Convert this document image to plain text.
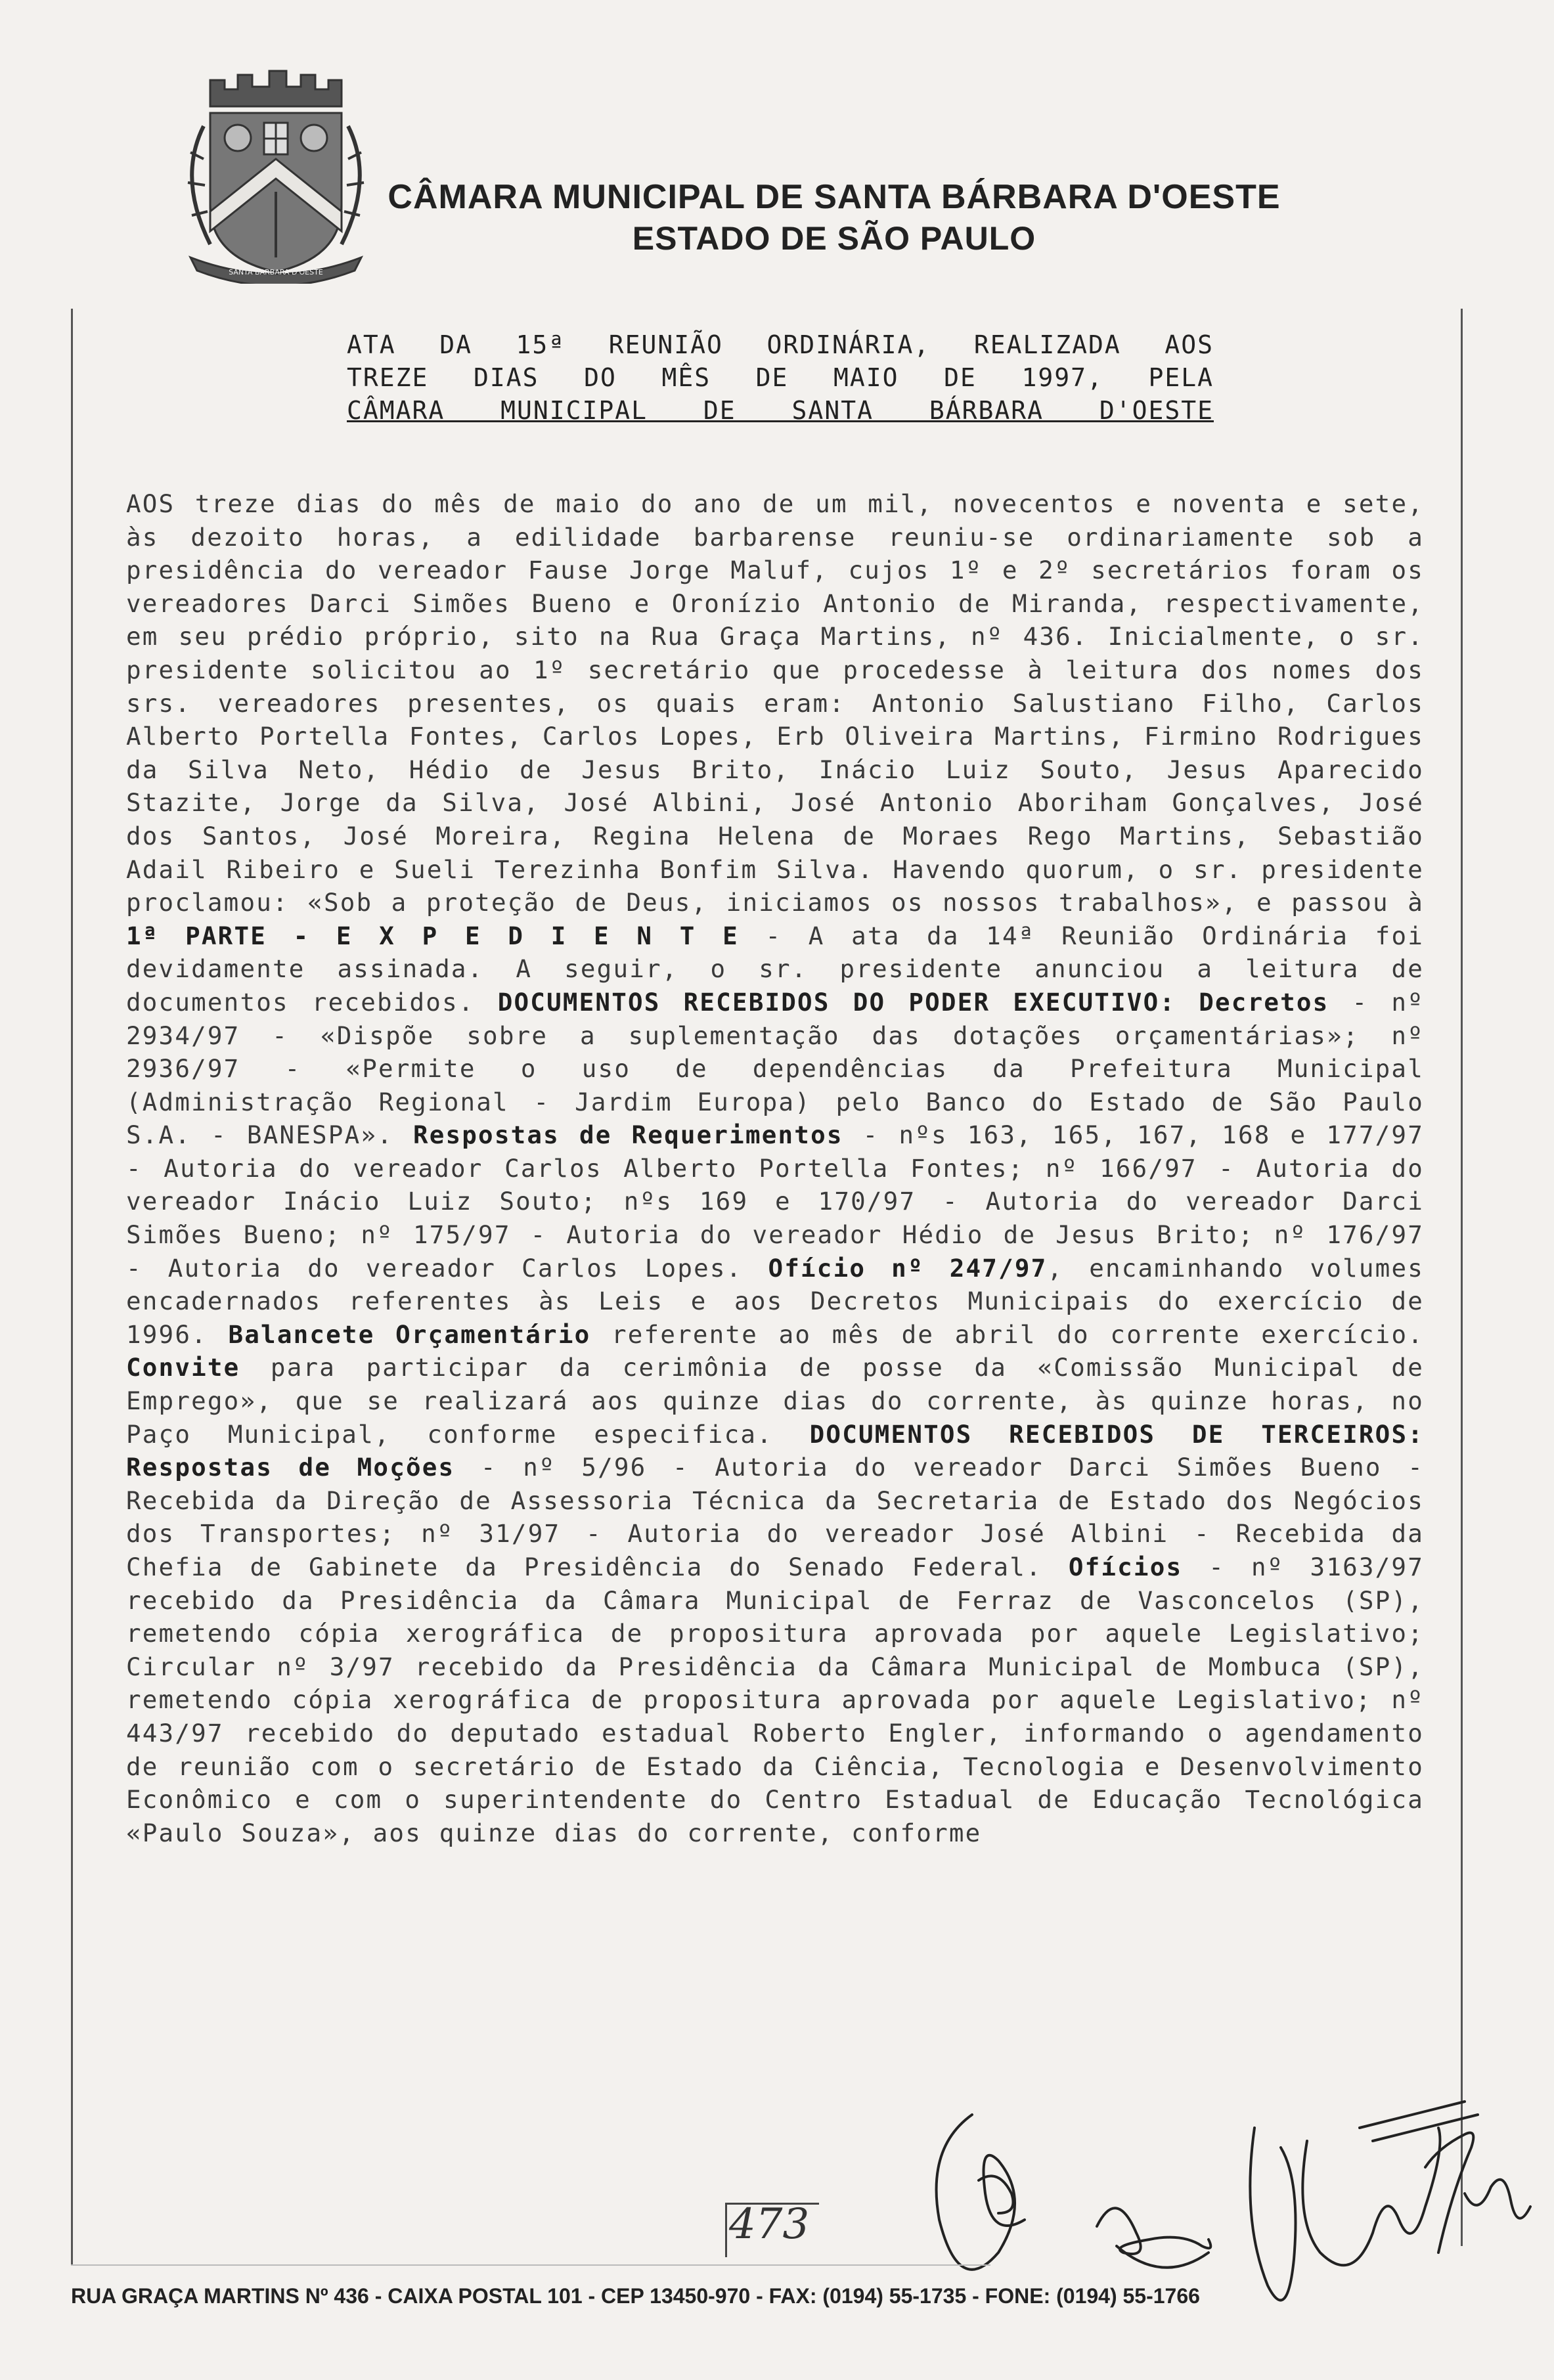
SANTA BARBARA D'OESTE
CÂMARA MUNICIPAL DE SANTA BÁRBARA D'OESTE
ESTADO DE SÃO PAULO

ATA DA 15ª REUNIÃO ORDINÁRIA, REALIZADA AOS
TREZE DIAS DO MÊS DE MAIO DE 1997, PELA
CÂMARA MUNICIPAL DE SANTA BÁRBARA D'OESTE
AOS treze dias do mês de maio do ano de um mil, novecentos e noventa e sete, às dezoito horas, a edilidade barbarense reuniu-se ordinariamente sob a presidência do vereador Fause Jorge Maluf, cujos 1º e 2º secretários foram os vereadores Darci Simões Bueno e Oronízio Antonio de Miranda, respectivamente, em seu prédio próprio, sito na Rua Graça Martins, nº 436. Inicialmente, o sr. presidente solicitou ao 1º secretário que procedesse à leitura dos nomes dos srs. vereadores presentes, os quais eram: Antonio Salustiano Filho, Carlos Alberto Portella Fontes, Carlos Lopes, Erb Oliveira Martins, Firmino Rodrigues da Silva Neto, Hédio de Jesus Brito, Inácio Luiz Souto, Jesus Aparecido Stazite, Jorge da Silva, José Albini, José Antonio Aboriham Gonçalves, José dos Santos, José Moreira, Regina Helena de Moraes Rego Martins, Sebastião Adail Ribeiro e Sueli Terezinha Bonfim Silva. Havendo quorum, o sr. presidente proclamou: «Sob a proteção de Deus, iniciamos os nossos trabalhos», e passou à 1ª PARTE - E X P E D I E N T E - A ata da 14ª Reunião Ordinária foi devidamente assinada. A seguir, o sr. presidente anunciou a leitura de documentos recebidos. DOCUMENTOS RECEBIDOS DO PODER EXECUTIVO: Decretos - nº 2934/97 - «Dispõe sobre a suplementação das dotações orçamentárias»; nº 2936/97 - «Permite o uso de dependências da Prefeitura Municipal (Administração Regional - Jardim Europa) pelo Banco do Estado de São Paulo S.A. - BANESPA». Respostas de Requerimentos - nºs 163, 165, 167, 168 e 177/97 - Autoria do vereador Carlos Alberto Portella Fontes; nº 166/97 - Autoria do vereador Inácio Luiz Souto; nºs 169 e 170/97 - Autoria do vereador Darci Simões Bueno; nº 175/97 - Autoria do vereador Hédio de Jesus Brito; nº 176/97 - Autoria do vereador Carlos Lopes. Ofício nº 247/97, encaminhando volumes encadernados referentes às Leis e aos Decretos Municipais do exercício de 1996. Balancete Orçamentário referente ao mês de abril do corrente exercício. Convite para participar da cerimônia de posse da «Comissão Municipal de Emprego», que se realizará aos quinze dias do corrente, às quinze horas, no Paço Municipal, conforme especifica. DOCUMENTOS RECEBIDOS DE TERCEIROS: Respostas de Moções - nº 5/96 - Autoria do vereador Darci Simões Bueno - Recebida da Direção de Assessoria Técnica da Secretaria de Estado dos Negócios dos Transportes; nº 31/97 - Autoria do vereador José Albini - Recebida da Chefia de Gabinete da Presidência do Senado Federal. Ofícios - nº 3163/97 recebido da Presidência da Câmara Municipal de Ferraz de Vasconcelos (SP), remetendo cópia xerográfica de propositura aprovada por aquele Legislativo; Circular nº 3/97 recebido da Presidência da Câmara Municipal de Mombuca (SP), remetendo cópia xerográfica de propositura aprovada por aquele Legislativo; nº 443/97 recebido do deputado estadual Roberto Engler, informando o agendamento de reunião com o secretário de Estado da Ciência, Tecnologia e Desenvolvimento Econômico e com o superintendente do Centro Estadual de Educação Tecnológica «Paulo Souza», aos quinze dias do corrente, conforme
473
RUA GRAÇA MARTINS Nº 436 - CAIXA POSTAL 101 - CEP 13450-970 - FAX: (0194) 55-1735 - FONE: (0194) 55-1766
